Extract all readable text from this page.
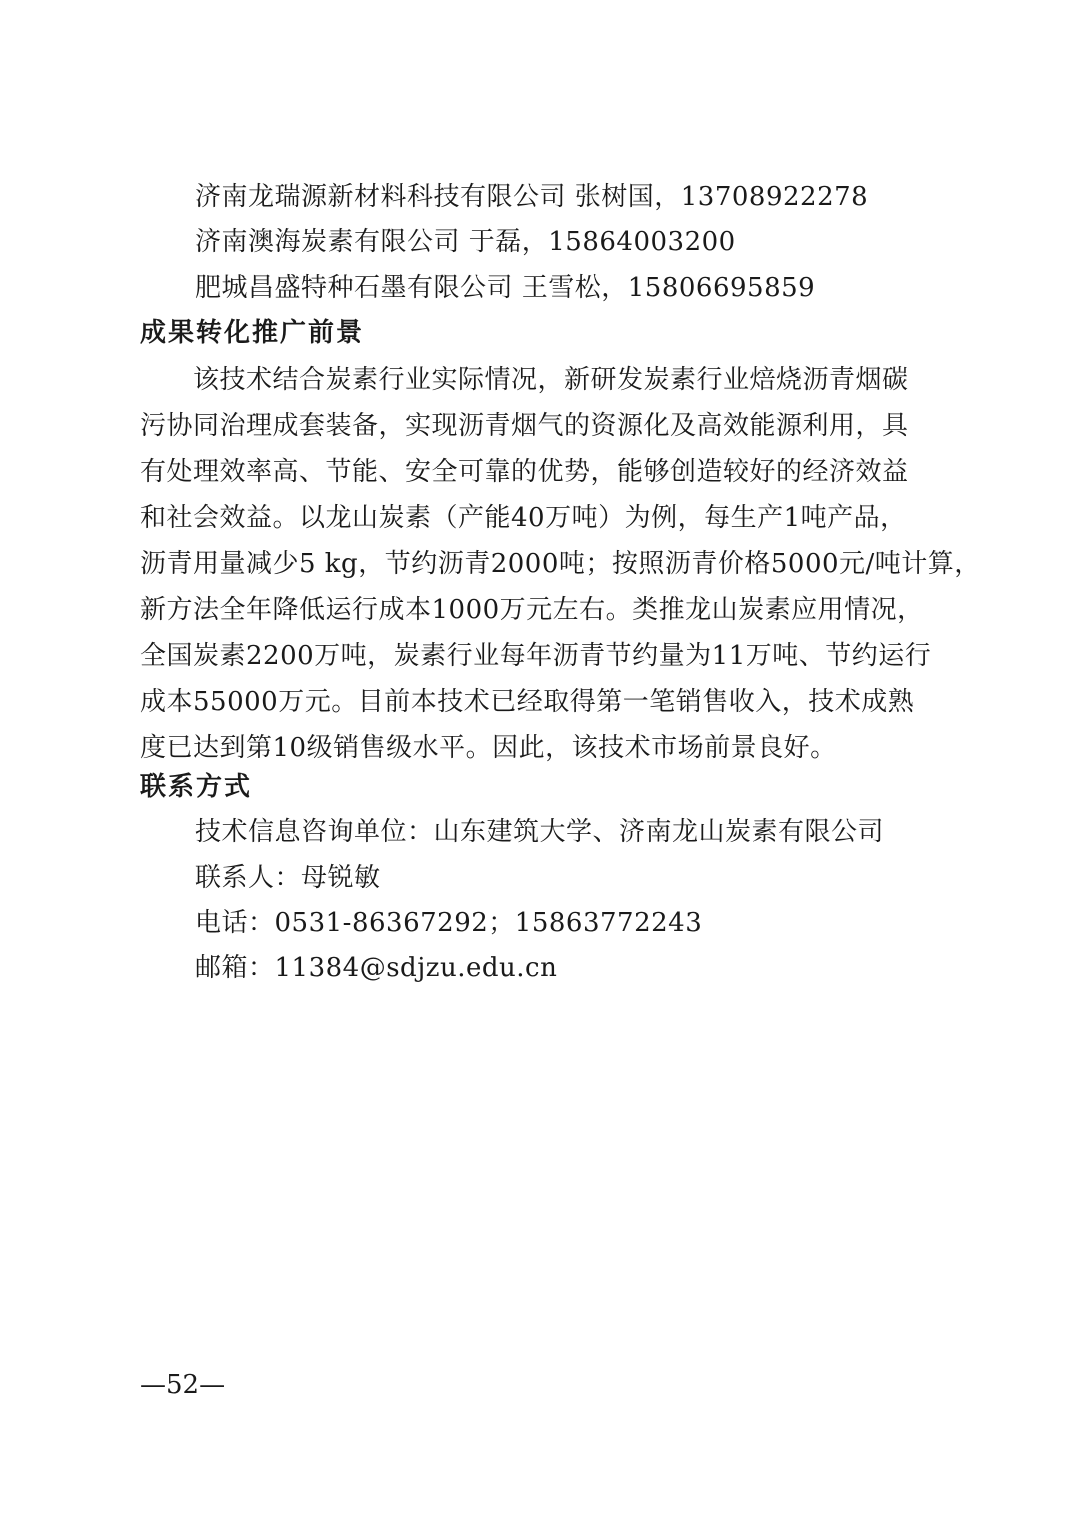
济南龙瑞源新材料科技有限公司 张树国，13708922278
济南澳海炭素有限公司 于磊，15864003200
肥城昌盛特种石墨有限公司 王雪松，15806695859
成果转化推广前景
　　该技术结合炭素行业实际情况，新研发炭素行业焙烧沥青烟碳
污协同治理成套装备，实现沥青烟气的资源化及高效能源利用，具
有处理效率高、节能、安全可靠的优势，能够创造较好的经济效益
和社会效益。以龙山炭素（产能40万吨）为例，每生产1吨产品，
沥青用量减少5 kg，节约沥青2000吨；按照沥青价格5000元/吨计算，
新方法全年降低运行成本1000万元左右。类推龙山炭素应用情况，
全国炭素2200万吨，炭素行业每年沥青节约量为11万吨、节约运行
成本55000万元。目前本技术已经取得第一笔销售收入，技术成熟
度已达到第10级销售级水平。因此，该技术市场前景良好。
联系方式
技术信息咨询单位：山东建筑大学、济南龙山炭素有限公司
联系人：母锐敏
电话：0531-86367292；15863772243
邮箱：11384@sdjzu.edu.cn
—52—
